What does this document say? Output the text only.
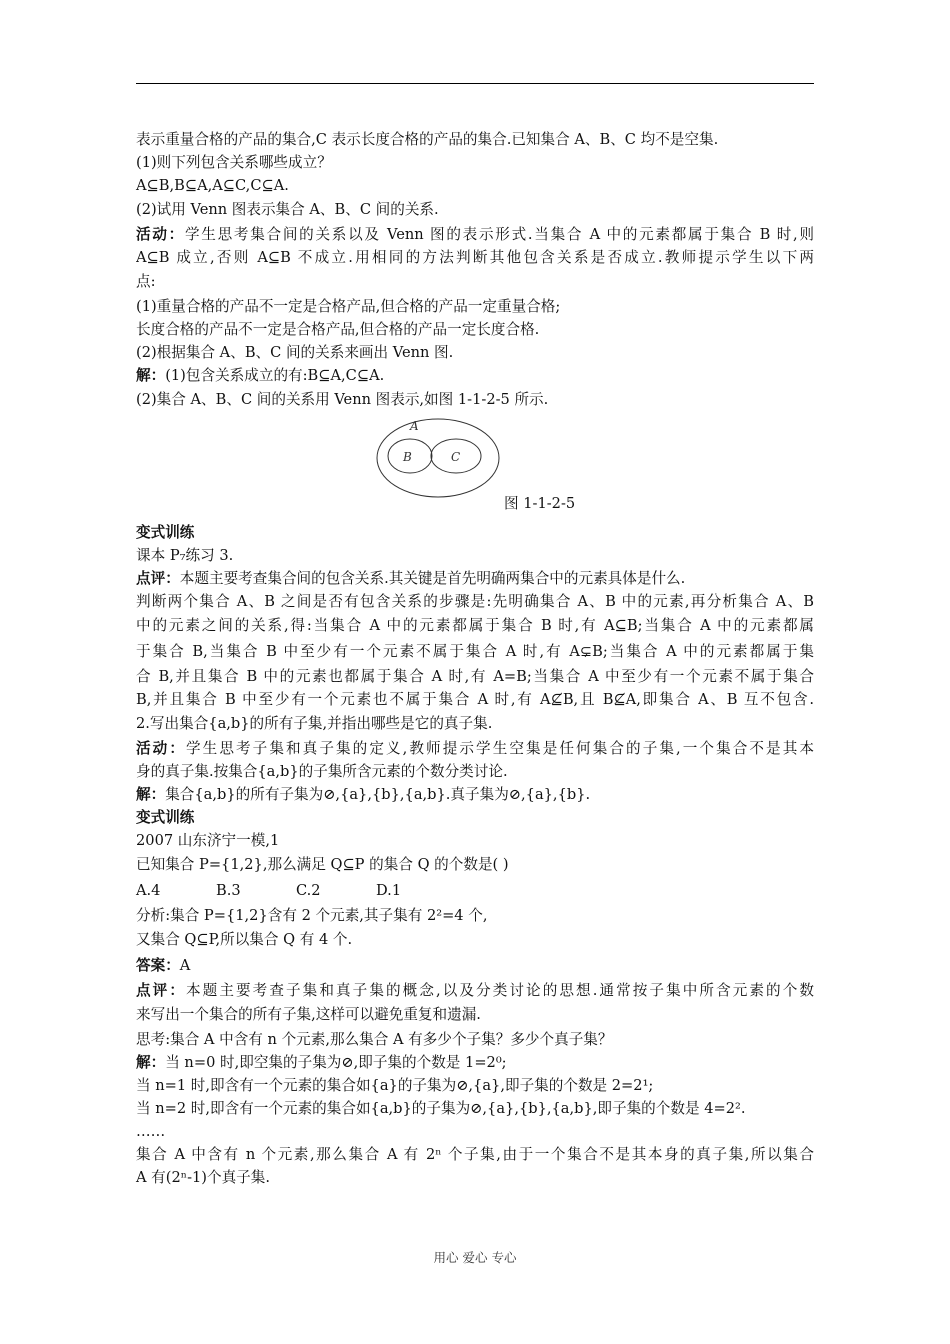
表示重量合格的产品的集合,C 表示长度合格的产品的集合.已知集合 A、B、C 均不是空集.
(1)则下列包含关系哪些成立？
A⊆B,B⊆A,A⊆C,C⊆A.
(2)试用 Venn 图表示集合 A、B、C 间的关系.
活动：学生思考集合间的关系以及 Venn 图的表示形式.当集合 A 中的元素都属于集合 B 时,则
A⊆B 成立,否则 A⊆B 不成立.用相同的方法判断其他包含关系是否成立.教师提示学生以下两
点:
(1)重量合格的产品不一定是合格产品,但合格的产品一定重量合格;
长度合格的产品不一定是合格产品,但合格的产品一定长度合格.
(2)根据集合 A、B、C 间的关系来画出 Venn 图.
解：(1)包含关系成立的有:B⊆A,C⊆A.
(2)集合 A、B、C 间的关系用 Venn 图表示,如图 1-1-2-5 所示.
A
B	C
图 1-1-2-5
变式训练
课本 P₇练习 3.
点评：本题主要考查集合间的包含关系.其关键是首先明确两集合中的元素具体是什么.
判断两个集合 A、B 之间是否有包含关系的步骤是:先明确集合 A、B 中的元素,再分析集合 A、B
中的元素之间的关系,得:当集合 A 中的元素都属于集合 B 时,有 A⊆B;当集合 A 中的元素都属
于集合 B,当集合 B 中至少有一个元素不属于集合 A 时,有 A⊊B;当集合 A 中的元素都属于集
合 B,并且集合 B 中的元素也都属于集合 A 时,有 A=B;当集合 A 中至少有一个元素不属于集合
B,并且集合 B 中至少有一个元素也不属于集合 A 时,有 A⊈B,且 B⊈A,即集合 A、B 互不包含.
2.写出集合{a,b}的所有子集,并指出哪些是它的真子集.
活动：学生思考子集和真子集的定义,教师提示学生空集是任何集合的子集,一个集合不是其本
身的真子集.按集合{a,b}的子集所含元素的个数分类讨论.
解：集合{a,b}的所有子集为⊘,{a},{b},{a,b}.真子集为⊘,{a},{b}.
变式训练
2007 山东济宁一模,1
已知集合 P={1,2},那么满足 Q⊆P 的集合 Q 的个数是( )
A.4	B.3	C.2	D.1
分析:集合 P={1,2}含有 2 个元素,其子集有 2²=4 个,
又集合 Q⊆P,所以集合 Q 有 4 个.
答案：A
点评：本题主要考查子集和真子集的概念,以及分类讨论的思想.通常按子集中所含元素的个数
来写出一个集合的所有子集,这样可以避免重复和遗漏.
思考:集合 A 中含有 n 个元素,那么集合 A 有多少个子集？多少个真子集？
解：当 n=0 时,即空集的子集为⊘,即子集的个数是 1=2⁰;
当 n=1 时,即含有一个元素的集合如{a}的子集为⊘,{a},即子集的个数是 2=2¹;
当 n=2 时,即含有一个元素的集合如{a,b}的子集为⊘,{a},{b},{a,b},即子集的个数是 4=2².
……
集合 A 中含有 n 个元素,那么集合 A 有 2ⁿ 个子集,由于一个集合不是其本身的真子集,所以集合
A 有(2ⁿ-1)个真子集.
用心 爱心 专心
